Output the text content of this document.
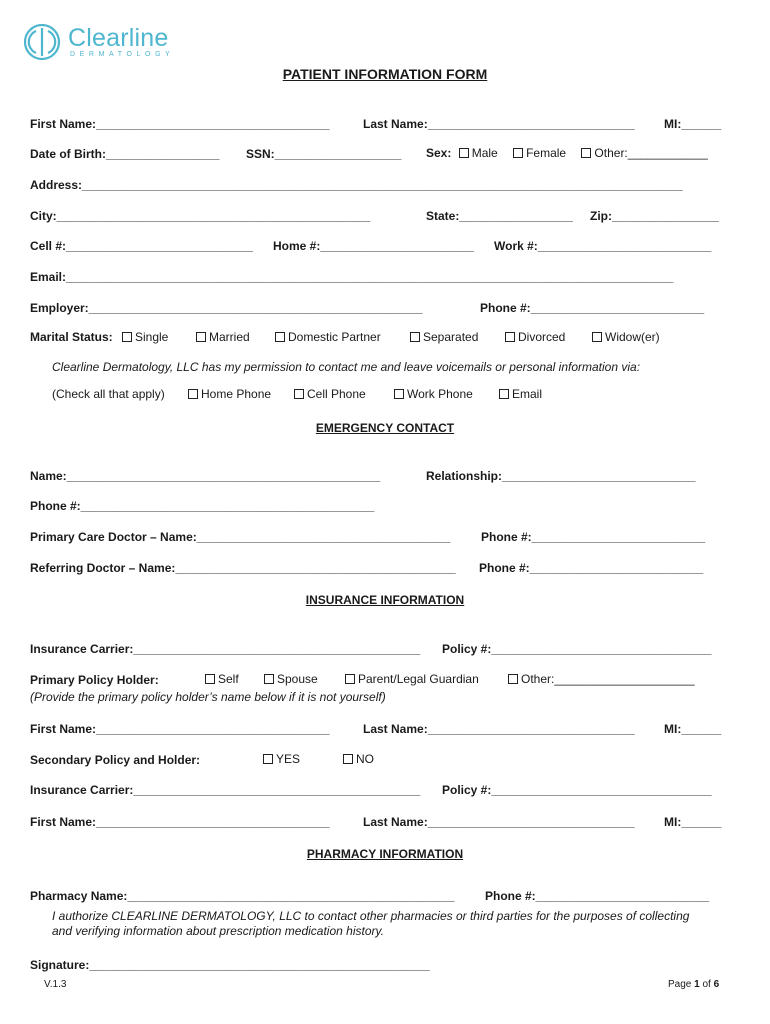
Clearline
DERMATOLOGY
PATIENT INFORMATION FORM
First Name:___________________________________	Last Name:_______________________________ MI:______
Date of Birth:_________________ SSN:___________________ Sex: Male Female Other:____________
Address:__________________________________________________________________________________________
City:_______________________________________________	State:_________________ Zip:________________
Cell #:____________________________ Home #:_______________________ Work #:__________________________
Email:___________________________________________________________________________________________
Employer:__________________________________________________	Phone #:__________________________
Marital Status:	Single	Married	Domestic Partner	Separated	Divorced	Widow(er)
Clearline Dermatology, LLC has my permission to contact me and leave voicemails or personal information via:
(Check all that apply)	Home Phone	Cell Phone	Work Phone	Email
EMERGENCY CONTACT
Name:_______________________________________________	Relationship:_____________________________
Phone #:____________________________________________
Primary Care Doctor – Name:______________________________________	Phone #:__________________________
Referring Doctor – Name:__________________________________________ Phone #:__________________________
INSURANCE INFORMATION
Insurance Carrier:___________________________________________ Policy #:_________________________________
Primary Policy Holder:	Self	Spouse	Parent/Legal Guardian	Other:_____________________
(Provide the primary policy holder’s name below if it is not yourself)
First Name:___________________________________	Last Name:_______________________________ MI:______
Secondary Policy and Holder:	YES	NO
Insurance Carrier:___________________________________________ Policy #:_________________________________
First Name:___________________________________	Last Name:_______________________________ MI:______
PHARMACY INFORMATION
Pharmacy Name:_________________________________________________	Phone #:__________________________
I authorize CLEARLINE DERMATOLOGY, LLC to contact other pharmacies or third parties for the purposes of collecting
and verifying information about prescription medication history.
Signature:___________________________________________________
V.1.3	Page 1 of 6
